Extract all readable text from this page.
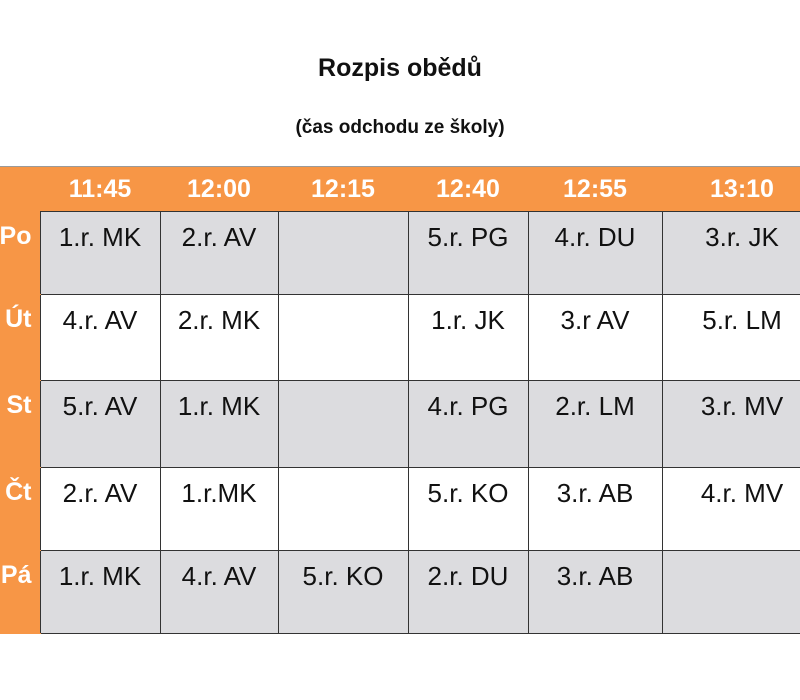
Rozpis obědů
(čas odchodu ze školy)
	11:45	12:00	12:15	12:40	12:55	13:10
Po	1.r. MK	2.r. AV		5.r. PG	4.r. DU	3.r. JK
Út	4.r. AV	2.r. MK		1.r. JK	3.r AV	5.r. LM
St	5.r. AV	1.r. MK		4.r. PG	2.r. LM	3.r. MV
Čt	2.r. AV	1.r.MK		5.r. KO	3.r. AB	4.r. MV
Pá	1.r. MK	4.r. AV	5.r. KO	2.r. DU	3.r. AB	
